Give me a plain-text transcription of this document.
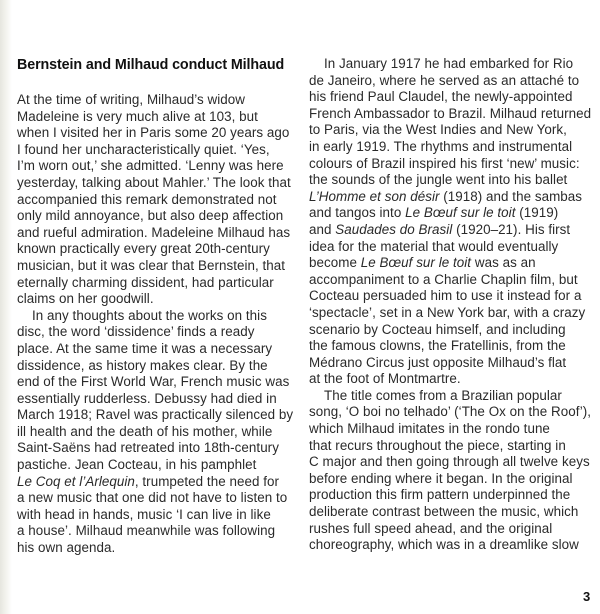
Bernstein and Milhaud conduct Milhaud

At the time of writing, Milhaud’s widow
Madeleine is very much alive at 103, but
when I visited her in Paris some 20 years ago
I found her uncharacteristically quiet. ‘Yes,
I’m worn out,’ she admitted. ‘Lenny was here
yesterday, talking about Mahler.’ The look that
accompanied this remark demonstrated not
only mild annoyance, but also deep affection
and rueful admiration. Madeleine Milhaud has
known practically every great 20th-century
musician, but it was clear that Bernstein, that
eternally charming dissident, had particular
claims on her goodwill.

In any thoughts about the works on this
disc, the word ‘dissidence’ finds a ready
place. At the same time it was a necessary
dissidence, as history makes clear. By the
end of the First World War, French music was
essentially rudderless. Debussy had died in
March 1918; Ravel was practically silenced by
ill health and the death of his mother, while
Saint-Saëns had retreated into 18th-century
pastiche. Jean Cocteau, in his pamphlet
Le Coq et l’Arlequin, trumpeted the need for
a new music that one did not have to listen to
with head in hands, music ‘I can live in like
a house’. Milhaud meanwhile was following
his own agenda.

In January 1917 he had embarked for Rio
de Janeiro, where he served as an attaché to
his friend Paul Claudel, the newly-appointed
French Ambassador to Brazil. Milhaud returned
to Paris, via the West Indies and New York,
in early 1919. The rhythms and instrumental
colours of Brazil inspired his first ‘new’ music:
the sounds of the jungle went into his ballet
L’Homme et son désir (1918) and the sambas
and tangos into Le Bœuf sur le toit (1919)
and Saudades do Brasil (1920–21). His first
idea for the material that would eventually
become Le Bœuf sur le toit was as an
accompaniment to a Charlie Chaplin film, but
Cocteau persuaded him to use it instead for a
‘spectacle’, set in a New York bar, with a crazy
scenario by Cocteau himself, and including
the famous clowns, the Fratellinis, from the
Médrano Circus just opposite Milhaud’s flat
at the foot of Montmartre.

The title comes from a Brazilian popular
song, ‘O boi no telhado’ (‘The Ox on the Roof’),
which Milhaud imitates in the rondo tune
that recurs throughout the piece, starting in
C major and then going through all twelve keys
before ending where it began. In the original
production this firm pattern underpinned the
deliberate contrast between the music, which
rushes full speed ahead, and the original
choreography, which was in a dreamlike slow

3
